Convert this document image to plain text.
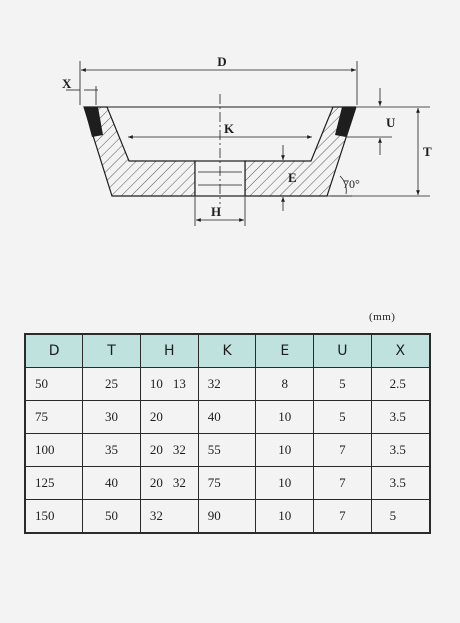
D
X
K	U
T
E
H
70°
(mm)
D	T	H	K	E	U	X
50	25	10 13	32	8	5	2.5
75	30	20	40	10	5	3.5
100	35	20 32	55	10	7	3.5
125	40	20 32	75	10	7	3.5
150	50	32	90	10	7	5
